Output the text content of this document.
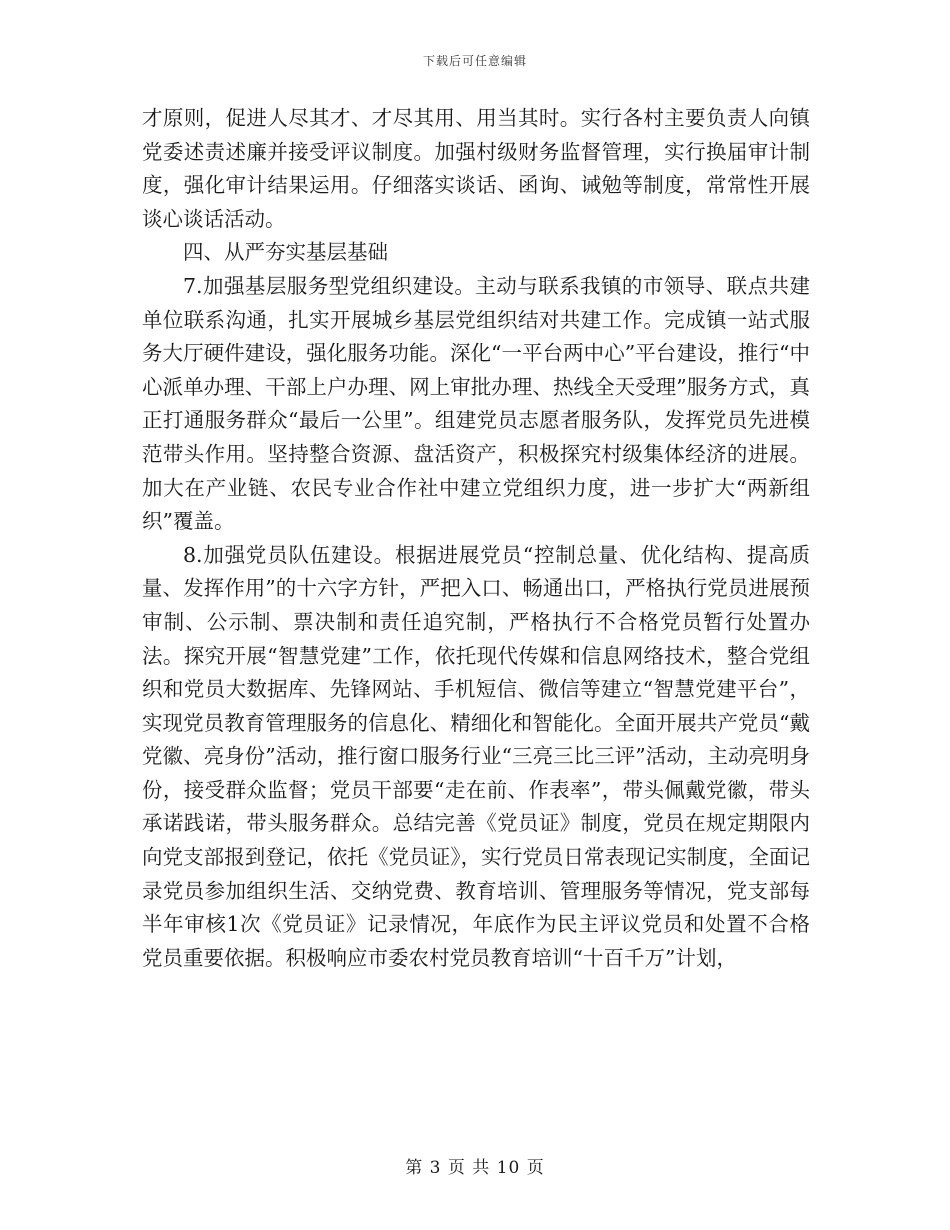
下载后可任意编辑

才原则，促进人尽其才、才尽其用、用当其时。实行各村主要负责人向镇党委述责述廉并接受评议制度。加强村级财务监督管理，实行换届审计制度，强化审计结果运用。仔细落实谈话、函询、诫勉等制度，常常性开展谈心谈话活动。

四、从严夯实基层基础

7.加强基层服务型党组织建设。主动与联系我镇的市领导、联点共建单位联系沟通，扎实开展城乡基层党组织结对共建工作。完成镇一站式服务大厅硬件建设，强化服务功能。深化“一平台两中心”平台建设，推行“中心派单办理、干部上户办理、网上审批办理、热线全天受理”服务方式，真正打通服务群众“最后一公里”。组建党员志愿者服务队，发挥党员先进模范带头作用。坚持整合资源、盘活资产，积极探究村级集体经济的进展。加大在产业链、农民专业合作社中建立党组织力度，进一步扩大“两新组织”覆盖。

8.加强党员队伍建设。根据进展党员“控制总量、优化结构、提高质量、发挥作用”的十六字方针，严把入口、畅通出口，严格执行党员进展预审制、公示制、票决制和责任追究制，严格执行不合格党员暂行处置办法。探究开展“智慧党建”工作，依托现代传媒和信息网络技术，整合党组织和党员大数据库、先锋网站、手机短信、微信等建立“智慧党建平台”，实现党员教育管理服务的信息化、精细化和智能化。全面开展共产党员“戴党徽、亮身份”活动，推行窗口服务行业“三亮三比三评”活动，主动亮明身份，接受群众监督；党员干部要“走在前、作表率”，带头佩戴党徽，带头承诺践诺，带头服务群众。总结完善《党员证》制度，党员在规定期限内向党支部报到登记，依托《党员证》，实行党员日常表现记实制度，全面记录党员参加组织生活、交纳党费、教育培训、管理服务等情况，党支部每半年审核1次《党员证》记录情况，年底作为民主评议党员和处置不合格党员重要依据。积极响应市委农村党员教育培训“十百千万”计划，

第 3 页 共 10 页
